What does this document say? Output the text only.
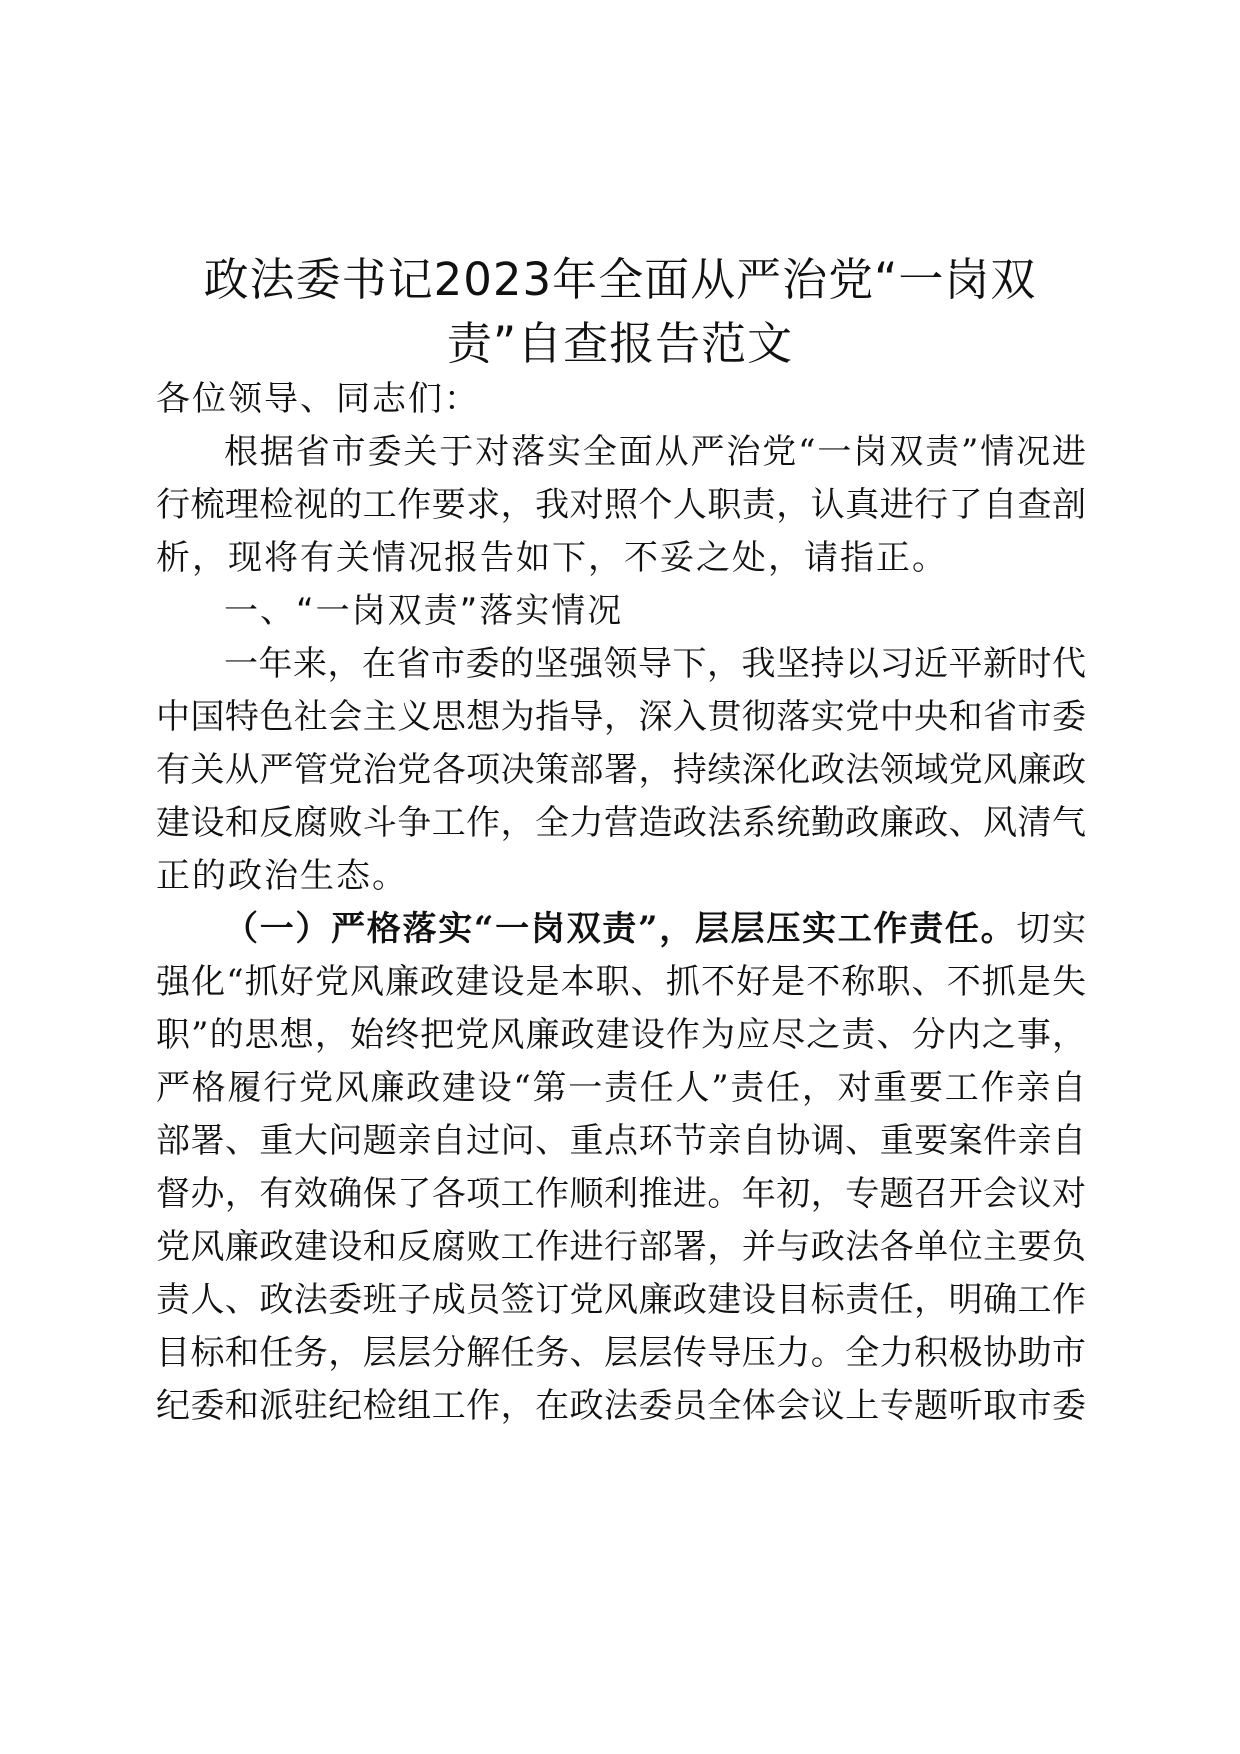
政法委书记2023年全面从严治党“一岗双
责”自查报告范文
各位领导、同志们：
根据省市委关于对落实全面从严治党“一岗双责”情况进
行梳理检视的工作要求，我对照个人职责，认真进行了自查剖
析，现将有关情况报告如下，不妥之处，请指正。
一、“一岗双责”落实情况
一年来，在省市委的坚强领导下，我坚持以习近平新时代
中国特色社会主义思想为指导，深入贯彻落实党中央和省市委
有关从严管党治党各项决策部署，持续深化政法领域党风廉政
建设和反腐败斗争工作，全力营造政法系统勤政廉政、风清气
正的政治生态。
（一）严格落实“一岗双责”，层层压实工作责任。切实
强化“抓好党风廉政建设是本职、抓不好是不称职、不抓是失
职”的思想，始终把党风廉政建设作为应尽之责、分内之事，
严格履行党风廉政建设“第一责任人”责任，对重要工作亲自
部署、重大问题亲自过问、重点环节亲自协调、重要案件亲自
督办，有效确保了各项工作顺利推进。年初，专题召开会议对
党风廉政建设和反腐败工作进行部署，并与政法各单位主要负
责人、政法委班子成员签订党风廉政建设目标责任，明确工作
目标和任务，层层分解任务、层层传导压力。全力积极协助市
纪委和派驻纪检组工作，在政法委员全体会议上专题听取市委
